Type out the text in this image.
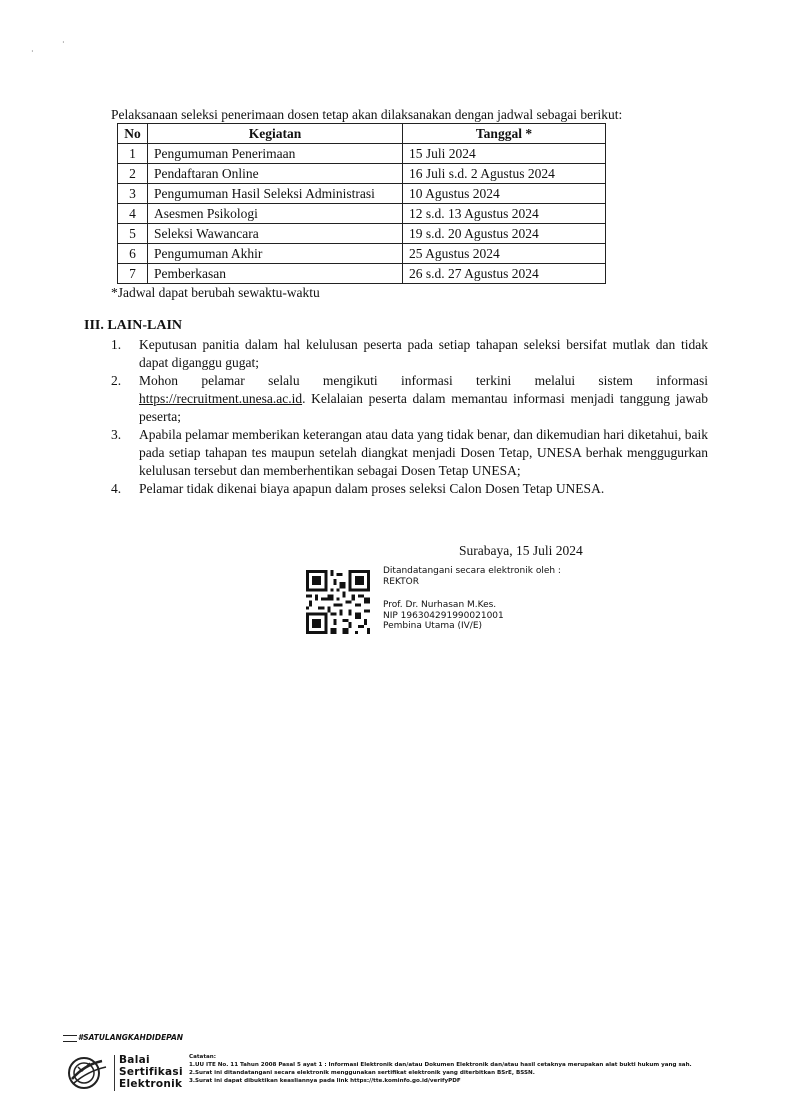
·
·
Pelaksanaan seleksi penerimaan dosen tetap akan dilaksanakan dengan jadwal sebagai berikut:
No	Kegiatan	Tanggal *
1	Pengumuman Penerimaan	15 Juli 2024
2	Pendaftaran Online	16 Juli s.d. 2 Agustus 2024
3	Pengumuman Hasil Seleksi Administrasi	10 Agustus 2024
4	Asesmen Psikologi	12 s.d. 13 Agustus 2024
5	Seleksi Wawancara	19 s.d. 20 Agustus 2024
6	Pengumuman Akhir	25 Agustus 2024
7	Pemberkasan	26 s.d. 27 Agustus 2024
*Jadwal dapat berubah sewaktu-waktu
III. LAIN-LAIN
1.	Keputusan panitia dalam hal kelulusan peserta pada setiap tahapan seleksi bersifat mutlak dan tidak dapat diganggu gugat;
2.	Mohon pelamar selalu mengikuti informasi terkini melalui sistem informasi https://recruitment.unesa.ac.id. Kelalaian peserta dalam memantau informasi menjadi tanggung jawab peserta;
3.	Apabila pelamar memberikan keterangan atau data yang tidak benar, dan dikemudian hari diketahui, baik pada setiap tahapan tes maupun setelah diangkat menjadi Dosen Tetap, UNESA berhak menggugurkan kelulusan tersebut dan memberhentikan sebagai Dosen Tetap UNESA;
4.	Pelamar tidak dikenai biaya apapun dalam proses seleksi Calon Dosen Tetap UNESA.
Surabaya, 15 Juli 2024
Ditandatangani secara elektronik oleh :
REKTOR
Prof. Dr. Nurhasan M.Kes.
NIP 196304291990021001
Pembina Utama (IV/E)
#SATULANGKAHDIDEPAN
Balai
Sertifikasi
Elektronik
Catatan:
1.UU ITE No. 11 Tahun 2008 Pasal 5 ayat 1 : Informasi Elektronik dan/atau Dokumen Elektronik dan/atau hasil cetaknya merupakan alat bukti hukum yang sah.
2.Surat ini ditandatangani secara elektronik menggunakan sertifikat elektronik yang diterbitkan BSrE, BSSN.
3.Surat ini dapat dibuktikan keasliannya pada link https://tte.kominfo.go.id/verifyPDF
